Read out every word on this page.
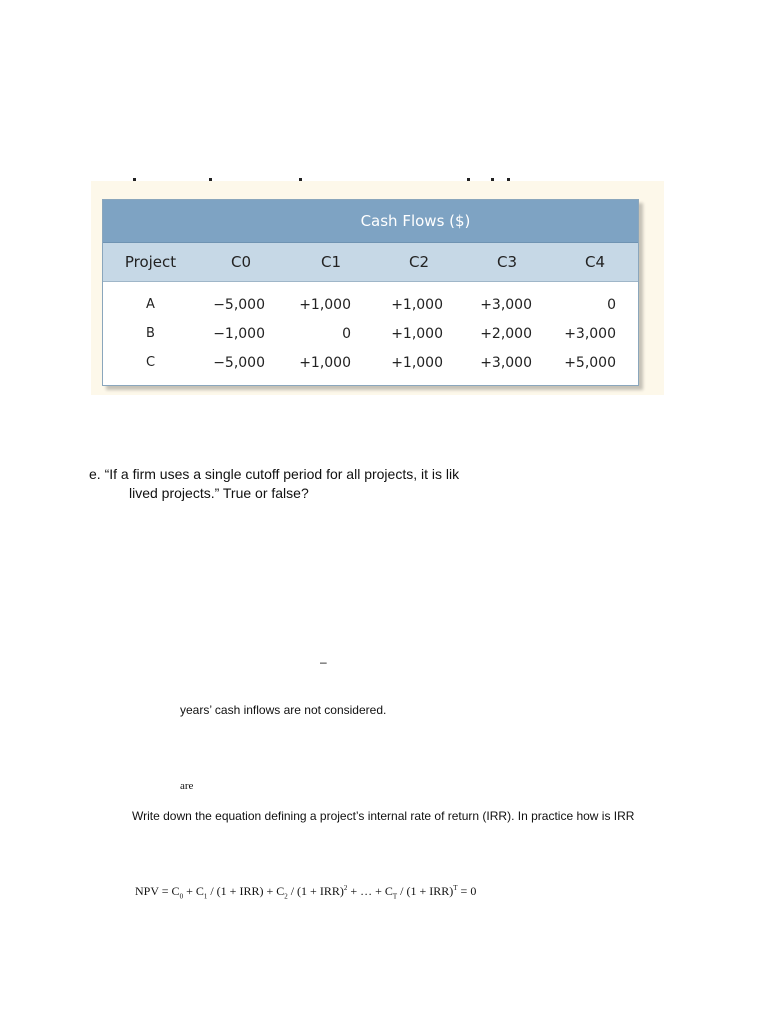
Cash Flows ($)
Project	C0	C1	C2	C3	C4
A	−5,000	+1,000	+1,000	+3,000	0
B	−1,000	0	+1,000	+2,000	+3,000
C	−5,000	+1,000	+1,000	+3,000	+5,000
e. “If a firm uses a single cutoff period for all projects, it is lik
lived projects.” True or false?
–
years’ cash inflows are not considered.
are
Write down the equation defining a project’s internal rate of return (IRR). In practice how is IRR
NPV = $C_0 + C_1 / (1 + IRR) + C_2 / (1 + IRR)^2$ + … + $C_T / (1 + IRR)^T = 0$
